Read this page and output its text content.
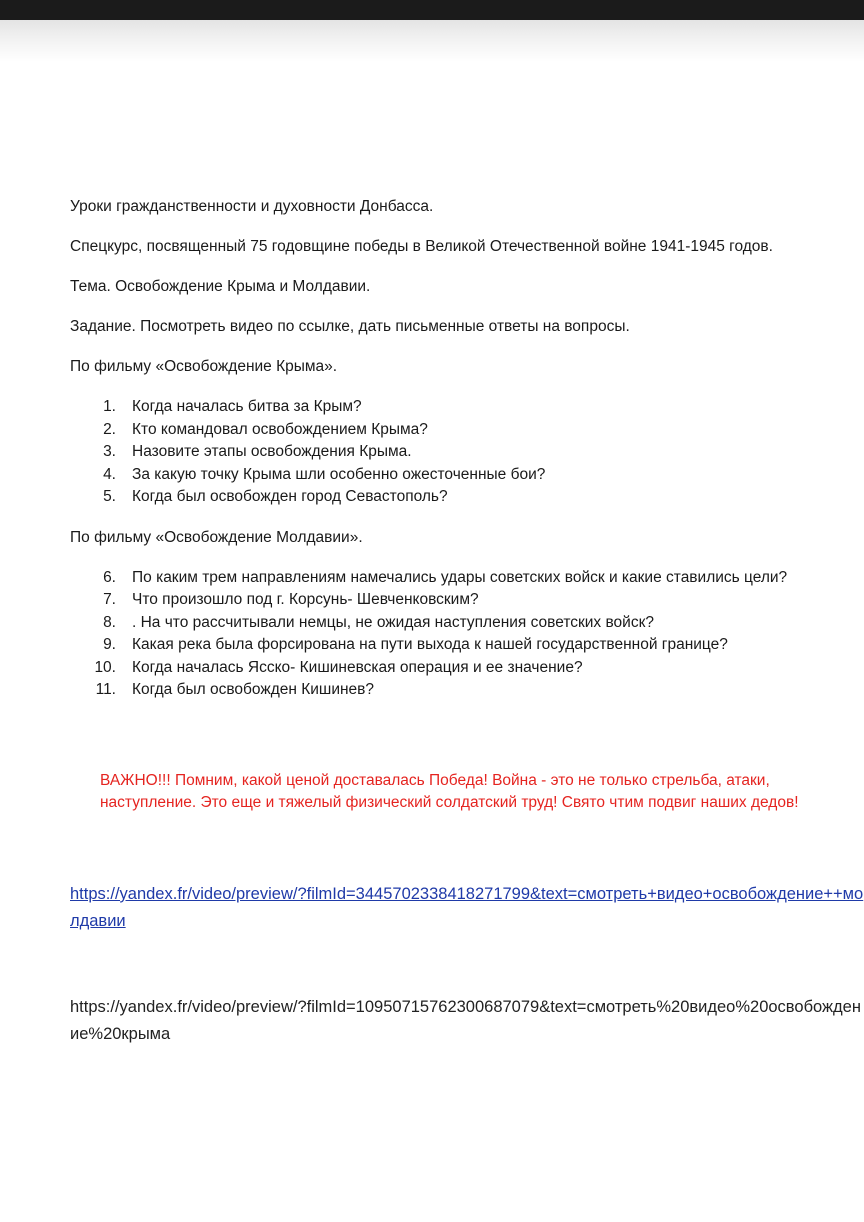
Уроки гражданственности и духовности Донбасса.

Спецкурс, посвященный 75 годовщине победы в Великой Отечественной войне 1941-1945 годов.

Тема. Освобождение Крыма и Молдавии.

Задание. Посмотреть видео по ссылке, дать письменные ответы на вопросы.

По фильму «Освобождение Крыма».

1.	Когда началась битва за Крым?
2.	Кто командовал освобождением Крыма?
3.	Назовите этапы освобождения Крыма.
4.	За какую точку Крыма шли особенно ожесточенные бои?
5.	Когда был освобожден город Севастополь?

По фильму «Освобождение Молдавии».

6.	По каким трем направлениям намечались удары советских войск и какие ставились цели?
7.	Что произошло под г. Корсунь- Шевченковским?
8.	. На что рассчитывали немцы, не ожидая наступления советских войск?
9.	Какая река была форсирована на пути выхода к нашей государственной границе?
10.	Когда началась Ясско- Кишиневская операция и ее значение?
11.	Когда был освобожден Кишинев?

ВАЖНО!!! Помним, какой ценой доставалась Победа! Война - это не только стрельба, атаки, наступление. Это еще и тяжелый физический солдатский труд! Свято чтим подвиг наших дедов!

https://yandex.fr/video/preview/?filmId=3445702338418271799&text=смотреть+видео+освобождение++молдавии
https://yandex.fr/video/preview/?filmId=10950715762300687079&text=смотреть%20видео%20освобождение%20крыма
